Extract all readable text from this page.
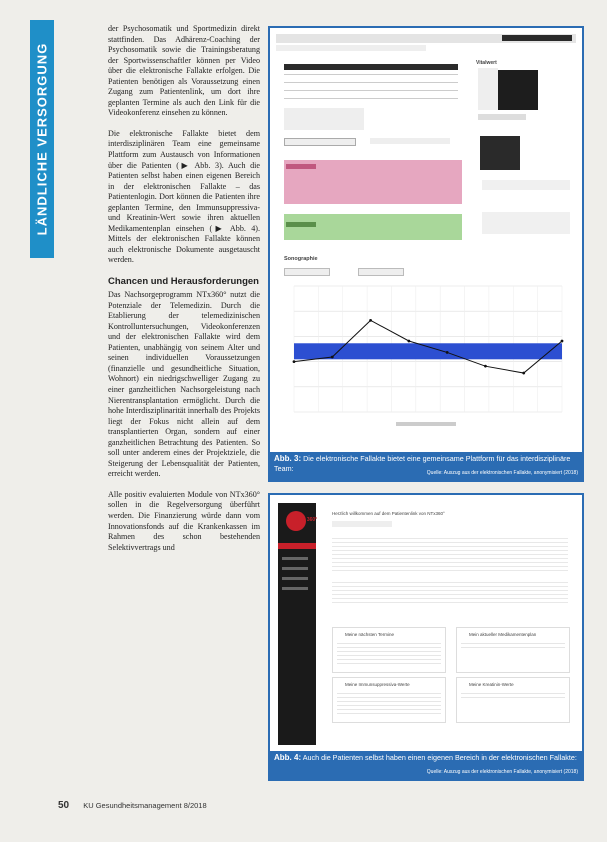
LÄNDLICHE VERSORGUNG

der Psychosomatik und Sportmedizin direkt stattfinden. Das Adhärenz-Coaching der Psychosomatik sowie die Trainingsberatung der Sportwissenschaftler können per Video über die elektronische Fallakte erfolgen. Die Patienten benötigen als Voraussetzung einen Zugang zum Patientenlink, um dort ihre geplanten Termine als auch den Link für die Videokonferenz einsehen zu können.

Die elektronische Fallakte bietet dem interdisziplinären Team eine gemeinsame Plattform zum Austausch von Informationen über die Patienten (▶ Abb. 3). Auch die Patienten selbst haben einen eigenen Bereich in der elektronischen Fallakte – das Patientenlogin. Dort können die Patienten ihre geplanten Termine, den Immunsuppressiva- und Kreatinin-Wert sowie ihren aktuellen Medikamentenplan einsehen (▶ Abb. 4). Mittels der elektronischen Fallakte können auch elektronische Dokumente ausgetauscht werden.

Chancen und Herausforderungen

Das Nachsorgeprogramm NTx360° nutzt die Potenziale der Telemedizin. Durch die Etablierung der telemedizinischen Kontrolluntersuchungen, Videokonferenzen und der elektronischen Fallakte wird dem Patienten, unabhängig von seinem Alter und seinen individuellen Voraussetzungen (finanzielle und gesundheitliche Situation, Wohnort) ein niedrigschwelliger Zugang zu einer ganzheitlichen Nachsorgeleistung nach Nierentransplantation ermöglicht. Durch die hohe Interdisziplinarität innerhalb des Projekts liegt der Fokus nicht allein auf dem transplantierten Organ, sondern auf einer ganzheitlichen Betrachtung des Patienten. So soll unter anderem eines der Projektziele, die Steigerung der Lebensqualität der Patienten, erreicht werden.

Alle positiv evaluierten Module von NTx360° sollen in die Regelversorgung überführt werden. Die Finanzierung würde dann vom Innovationsfonds auf die Krankenkassen im Rahmen des schon bestehenden Selektivvertrags und

50 KU Gesundheitsmanagement 8/2018
Vitalwert
Sonographie
Abb. 3: Die elektronische Fallakte bietet eine gemeinsame Plattform für das interdisziplinäre Team:	Quelle: Auszug aus der elektronischen Fallakte, anonymisiert (2018)
NTx 360°
Herzlich willkommen auf dem Patientenlink von NTx360°
Meine nächsten Termine	Mein aktueller Medikamentenplan
Meine Immunsuppressiva-Werte	Meine Kreatinin-Werte
Abb. 4: Auch die Patienten selbst haben einen eigenen Bereich in der elektronischen Fallakte:
Quelle: Auszug aus der elektronischen Fallakte, anonymisiert (2018)
